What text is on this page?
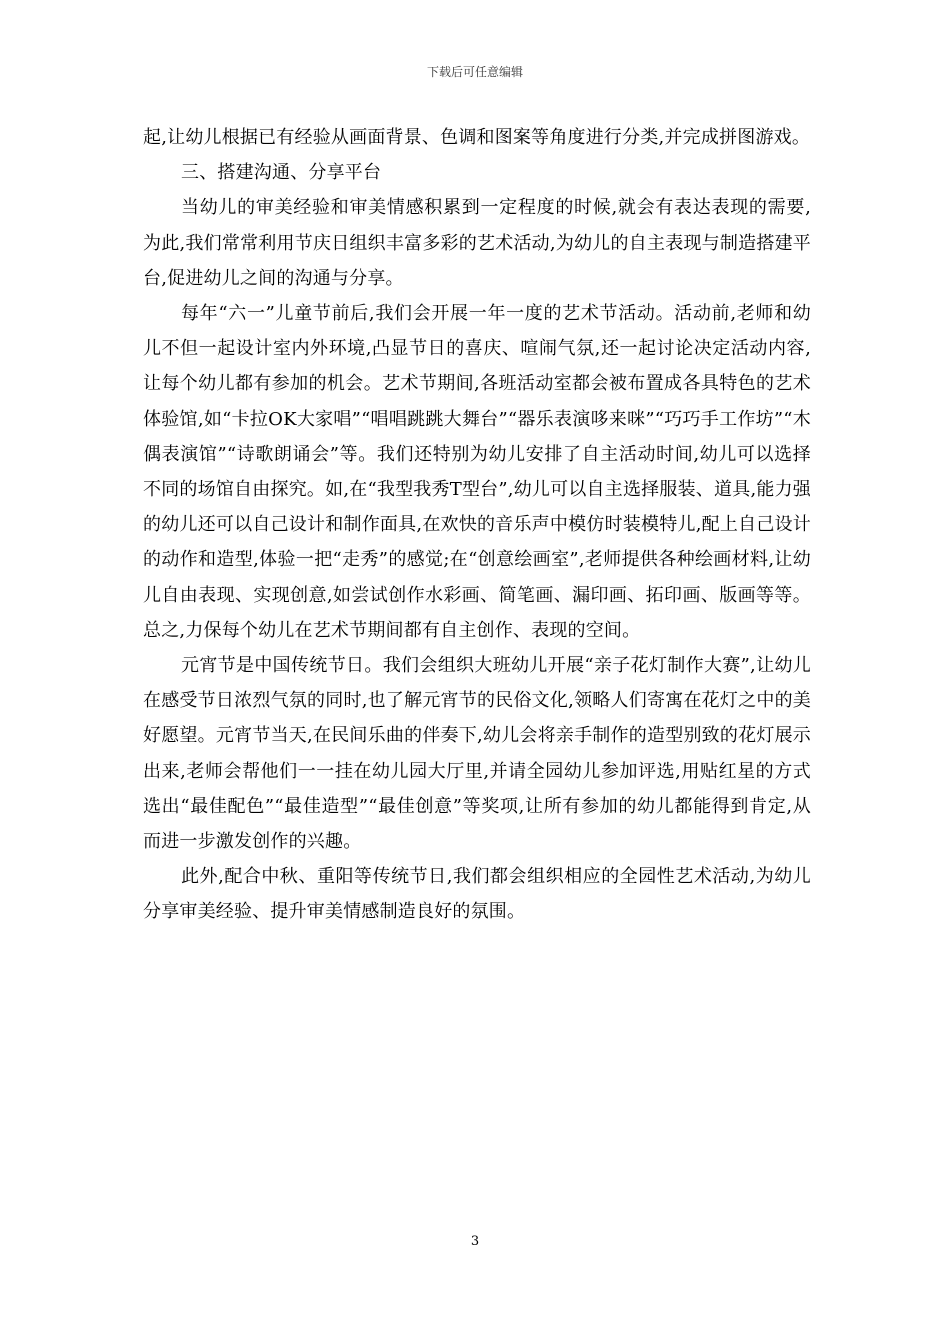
下载后可任意编辑

起,让幼儿根据已有经验从画面背景、色调和图案等角度进行分类,并完成拼图游戏。

三、搭建沟通、分享平台

当幼儿的审美经验和审美情感积累到一定程度的时候,就会有表达表现的需要,为此,我们常常利用节庆日组织丰富多彩的艺术活动,为幼儿的自主表现与制造搭建平台,促进幼儿之间的沟通与分享。

每年“六一”儿童节前后,我们会开展一年一度的艺术节活动。活动前,老师和幼儿不但一起设计室内外环境,凸显节日的喜庆、喧闹气氛,还一起讨论决定活动内容,让每个幼儿都有参加的机会。艺术节期间,各班活动室都会被布置成各具特色的艺术体验馆,如“卡拉OK大家唱”“唱唱跳跳大舞台”“器乐表演哆来咪”“巧巧手工作坊”“木偶表演馆”“诗歌朗诵会”等。我们还特别为幼儿安排了自主活动时间,幼儿可以选择不同的场馆自由探究。如,在“我型我秀T型台”,幼儿可以自主选择服装、道具,能力强的幼儿还可以自己设计和制作面具,在欢快的音乐声中模仿时装模特儿,配上自己设计的动作和造型,体验一把“走秀”的感觉;在“创意绘画室”,老师提供各种绘画材料,让幼儿自由表现、实现创意,如尝试创作水彩画、简笔画、漏印画、拓印画、版画等等。总之,力保每个幼儿在艺术节期间都有自主创作、表现的空间。

元宵节是中国传统节日。我们会组织大班幼儿开展“亲子花灯制作大赛”,让幼儿在感受节日浓烈气氛的同时,也了解元宵节的民俗文化,领略人们寄寓在花灯之中的美好愿望。元宵节当天,在民间乐曲的伴奏下,幼儿会将亲手制作的造型别致的花灯展示出来,老师会帮他们一一挂在幼儿园大厅里,并请全园幼儿参加评选,用贴红星的方式选出“最佳配色”“最佳造型”“最佳创意”等奖项,让所有参加的幼儿都能得到肯定,从而进一步激发创作的兴趣。

此外,配合中秋、重阳等传统节日,我们都会组织相应的全园性艺术活动,为幼儿分享审美经验、提升审美情感制造良好的氛围。

3
